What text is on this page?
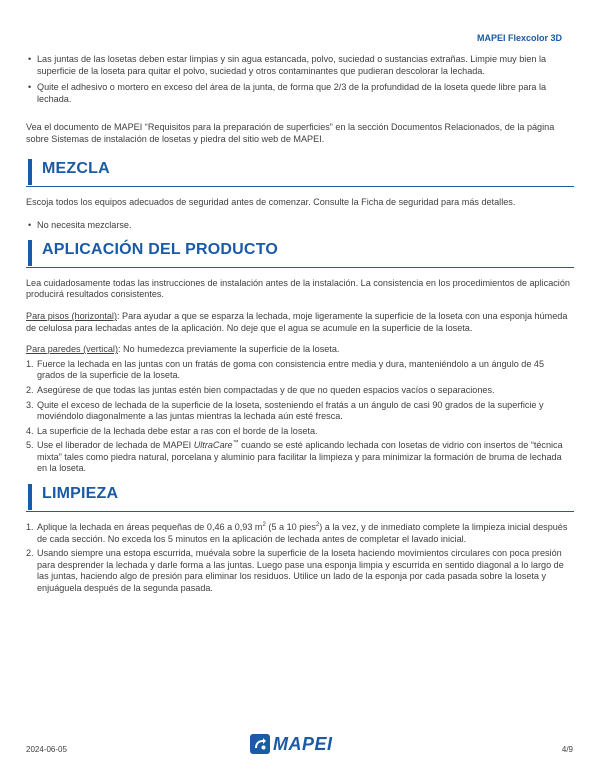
MAPEI Flexcolor 3D
• Las juntas de las losetas deben estar limpias y sin agua estancada, polvo, suciedad o sustancias extrañas. Limpie muy bien la superficie de la loseta para quitar el polvo, suciedad y otros contaminantes que pudieran descolorar la lechada.
• Quite el adhesivo o mortero en exceso del área de la junta, de forma que 2/3 de la profundidad de la loseta quede libre para la lechada.

Vea el documento de MAPEI “Requisitos para la preparación de superficies” en la sección Documentos Relacionados, de la página sobre Sistemas de instalación de losetas y piedra del sitio web de MAPEI.

MEZCLA

Escoja todos los equipos adecuados de seguridad antes de comenzar. Consulte la Ficha de seguridad para más detalles.

• No necesita mezclarse.
APLICACIÓN DEL PRODUCTO

Lea cuidadosamente todas las instrucciones de instalación antes de la instalación. La consistencia en los procedimientos de aplicación producirá resultados consistentes.

Para pisos (horizontal): Para ayudar a que se esparza la lechada, moje ligeramente la superficie de la loseta con una esponja húmeda de celulosa para lechadas antes de la aplicación. No deje que el agua se acumule en la superficie de la loseta.

Para paredes (vertical): No humedezca previamente la superficie de la loseta.

1. Fuerce la lechada en las juntas con un fratás de goma con consistencia entre media y dura, manteniéndolo a un ángulo de 45 grados de la superficie de la loseta.
2. Asegúrese de que todas las juntas estén bien compactadas y de que no queden espacios vacíos o separaciones.
3. Quite el exceso de lechada de la superficie de la loseta, sosteniendo el fratás a un ángulo de casi 90 grados de la superficie y moviéndolo diagonalmente a las juntas mientras la lechada aún esté fresca.
4. La superficie de la lechada debe estar a ras con el borde de la loseta.
5. Use el liberador de lechada de MAPEI UltraCare™ cuando se esté aplicando lechada con losetas de vidrio con insertos de “técnica mixta” tales como piedra natural, porcelana y aluminio para facilitar la limpieza y para minimizar la formación de bruma de lechada en la loseta.
LIMPIEZA
1. Aplique la lechada en áreas pequeñas de 0,46 a 0,93 $m^2$ (5 a 10 pies$^2$) a la vez, y de inmediato complete la limpieza inicial después de cada sección. No exceda los 5 minutos en la aplicación de lechada antes de completar el lavado inicial.
2. Usando siempre una estopa escurrida, muévala sobre la superficie de la loseta haciendo movimientos circulares con poca presión para desprender la lechada y darle forma a las juntas. Luego pase una esponja limpia y escurrida en sentido diagonal a lo largo de las juntas, haciendo algo de presión para eliminar los residuos. Utilice un lado de la esponja por cada pasada sobre la loseta y enjuáguela después de la segunda pasada.
2024-06-05	MAPEI	4/9
